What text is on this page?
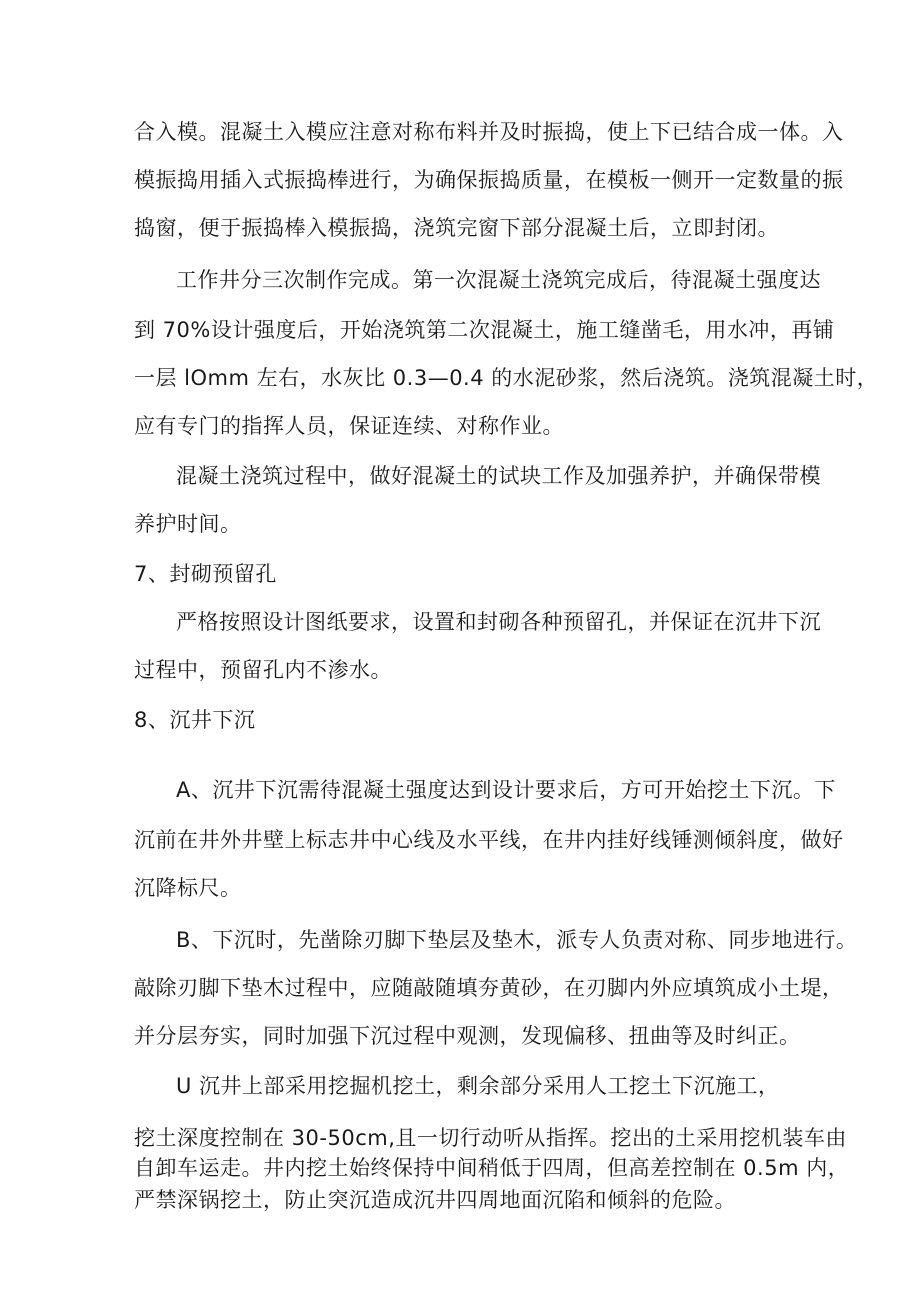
合入模。混凝土入模应注意对称布料并及时振捣，使上下已结合成一体。入
模振捣用插入式振捣棒进行，为确保振捣质量，在模板一侧开一定数量的振
捣窗，便于振捣棒入模振捣，浇筑完窗下部分混凝土后，立即封闭。
工作井分三次制作完成。第一次混凝土浇筑完成后，待混凝土强度达
到 70%设计强度后，开始浇筑第二次混凝土，施工缝凿毛，用水冲，再铺
一层 lOmm 左右，水灰比 0.3—0.4 的水泥砂浆，然后浇筑。浇筑混凝土时，
应有专门的指挥人员，保证连续、对称作业。
混凝土浇筑过程中，做好混凝土的试块工作及加强养护，并确保带模
养护时间。
7、封砌预留孔
严格按照设计图纸要求，设置和封砌各种预留孔，并保证在沉井下沉
过程中，预留孔内不渗水。
8、沉井下沉
A、沉井下沉需待混凝土强度达到设计要求后，方可开始挖土下沉。下
沉前在井外井壁上标志井中心线及水平线，在井内挂好线锤测倾斜度，做好
沉降标尺。
B、下沉时，先凿除刃脚下垫层及垫木，派专人负责对称、同步地进行。
敲除刃脚下垫木过程中，应随敲随填夯黄砂，在刃脚内外应填筑成小土堤，
并分层夯实，同时加强下沉过程中观测，发现偏移、扭曲等及时纠正。
U 沉井上部采用挖掘机挖土，剩余部分采用人工挖土下沉施工，
挖土深度控制在 30-50cm,且一切行动听从指挥。挖出的土采用挖机装车由
自卸车运走。井内挖土始终保持中间稍低于四周，但高差控制在 0.5m 内，
严禁深锅挖土，防止突沉造成沉井四周地面沉陷和倾斜的危险。
